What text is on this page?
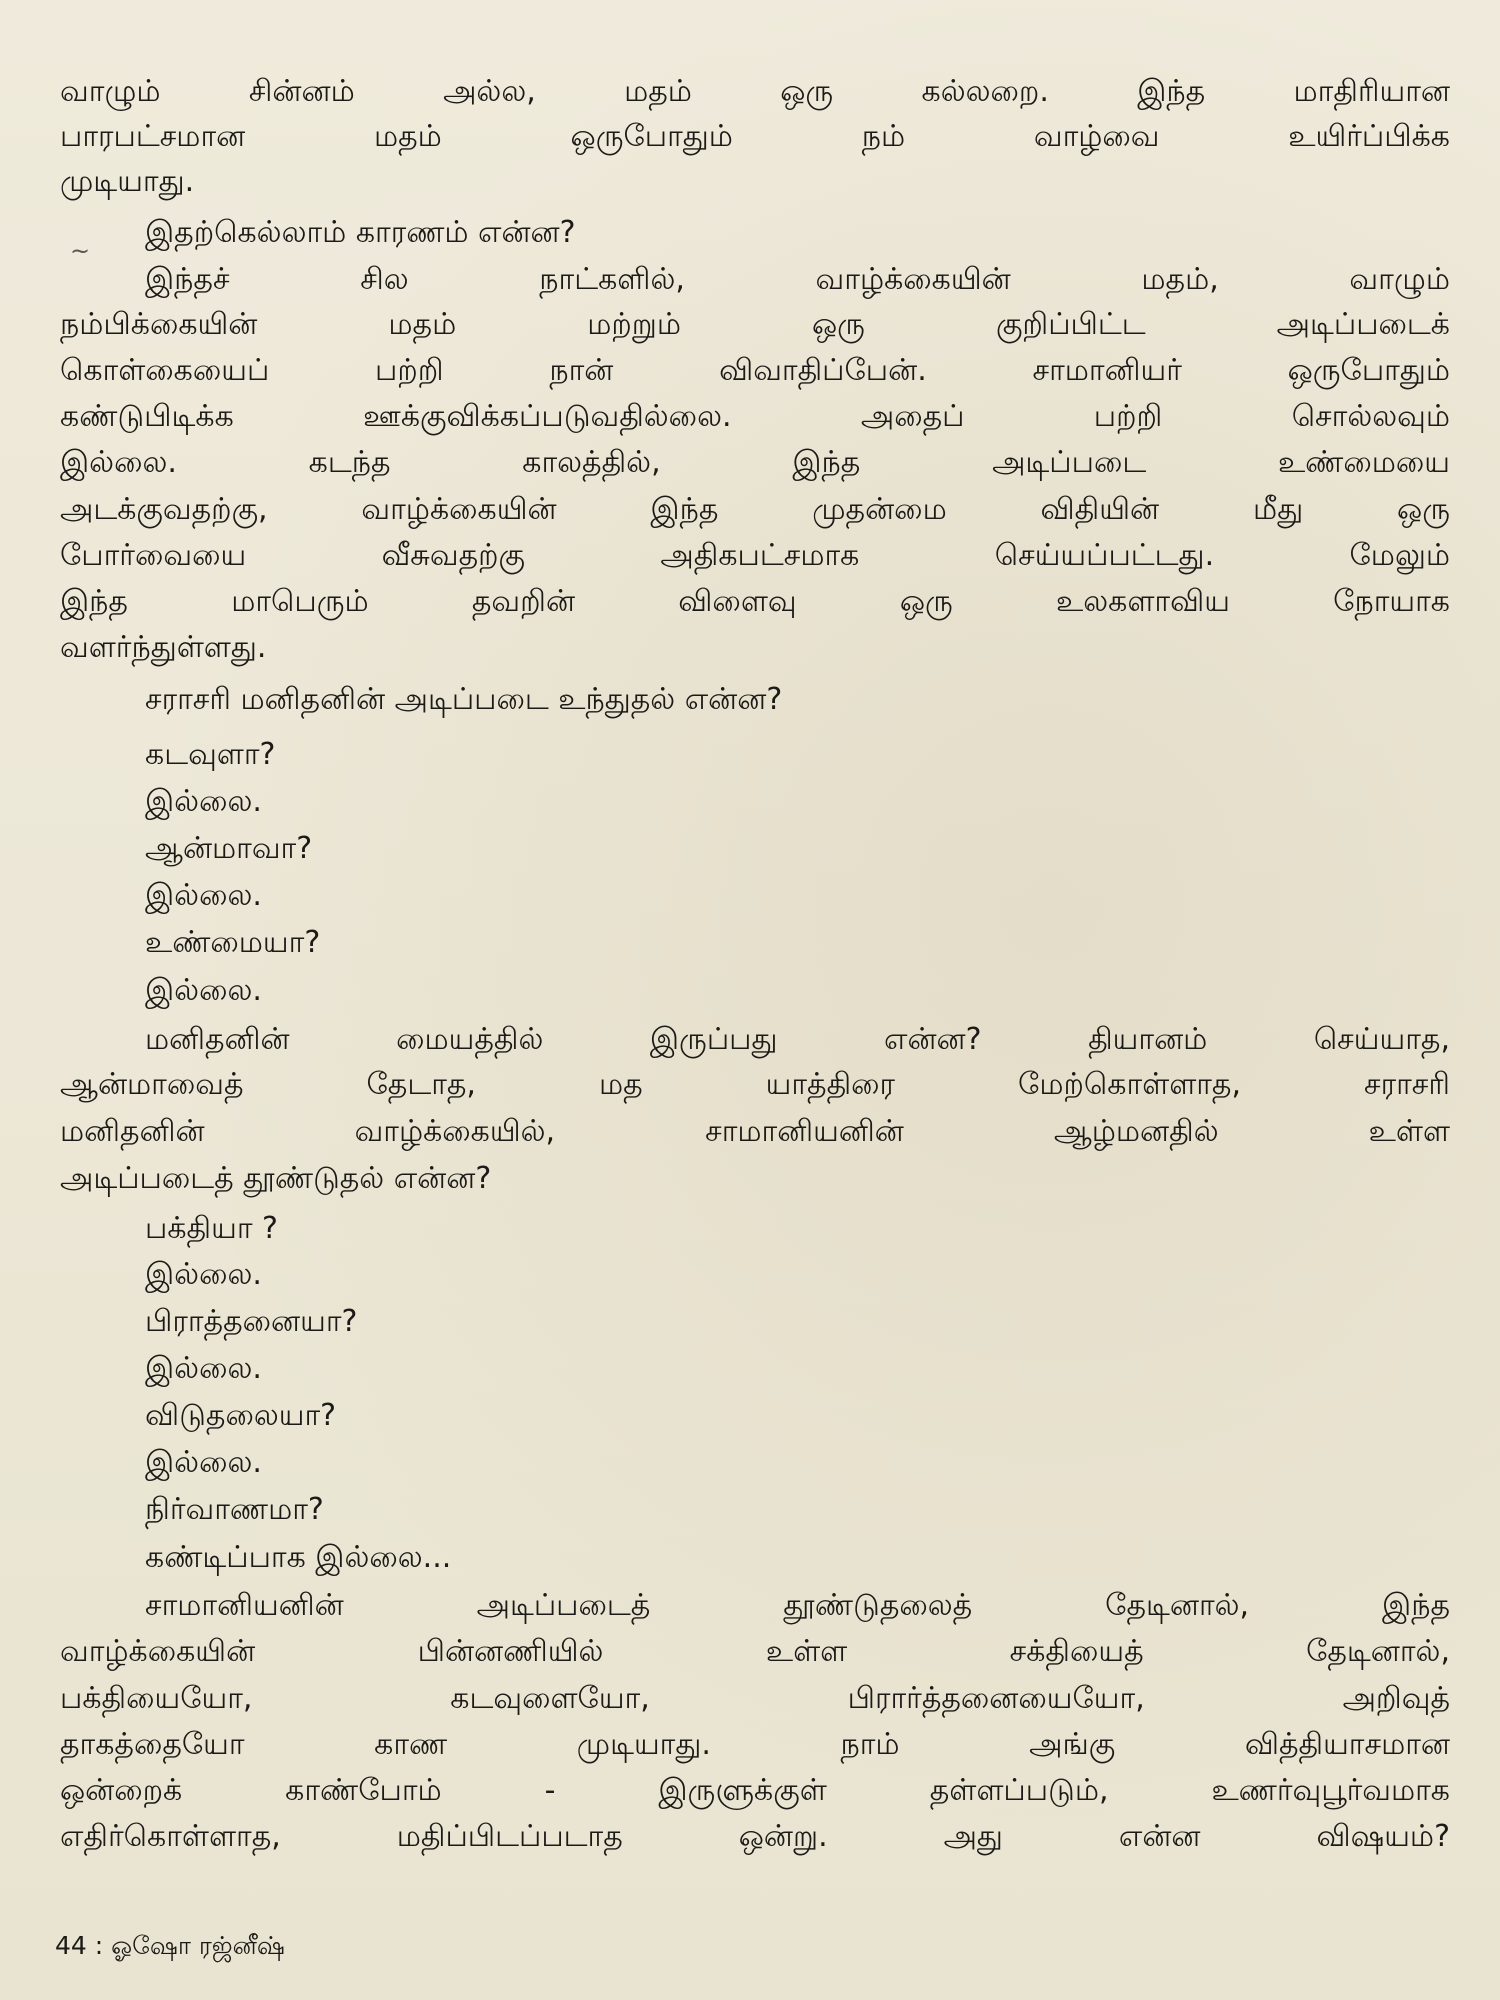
~
வாழும் சின்னம் அல்ல, மதம் ஒரு கல்லறை. இந்த மாதிரியான
பாரபட்சமான மதம் ஒருபோதும் நம் வாழ்வை உயிர்ப்பிக்க
முடியாது.
இதற்கெல்லாம் காரணம் என்ன?
இந்தச் சில நாட்களில், வாழ்க்கையின் மதம், வாழும்
நம்பிக்கையின் மதம் மற்றும் ஒரு குறிப்பிட்ட அடிப்படைக்
கொள்கையைப் பற்றி நான் விவாதிப்பேன். சாமானியர் ஒருபோதும்
கண்டுபிடிக்க ஊக்குவிக்கப்படுவதில்லை. அதைப் பற்றி சொல்லவும்
இல்லை. கடந்த காலத்தில், இந்த அடிப்படை உண்மையை
அடக்குவதற்கு, வாழ்க்கையின் இந்த முதன்மை விதியின் மீது ஒரு
போர்வையை வீசுவதற்கு அதிகபட்சமாக செய்யப்பட்டது. மேலும்
இந்த மாபெரும் தவறின் விளைவு ஒரு உலகளாவிய நோயாக
வளர்ந்துள்ளது.
சராசரி மனிதனின் அடிப்படை உந்துதல் என்ன?
கடவுளா?
இல்லை.
ஆன்மாவா?
இல்லை.
உண்மையா?
இல்லை.
மனிதனின் மையத்தில் இருப்பது என்ன? தியானம் செய்யாத,
ஆன்மாவைத் தேடாத, மத யாத்திரை மேற்கொள்ளாத, சராசரி
மனிதனின் வாழ்க்கையில், சாமானியனின் ஆழ்மனதில் உள்ள
அடிப்படைத் தூண்டுதல் என்ன?
பக்தியா ?
இல்லை.
பிராத்தனையா?
இல்லை.
விடுதலையா?
இல்லை.
நிர்வாணமா?
கண்டிப்பாக இல்லை...
சாமானியனின் அடிப்படைத் தூண்டுதலைத் தேடினால், இந்த
வாழ்க்கையின் பின்னணியில் உள்ள சக்தியைத் தேடினால்,
பக்தியையோ, கடவுளையோ, பிரார்த்தனையையோ, அறிவுத்
தாகத்தையோ காண முடியாது. நாம் அங்கு வித்தியாசமான
ஒன்றைக் காண்போம் - இருளுக்குள் தள்ளப்படும், உணர்வுபூர்வமாக
எதிர்கொள்ளாத, மதிப்பிடப்படாத ஒன்று. அது என்ன விஷயம்?
44 : ஓஷோ ரஜ்னீஷ்
